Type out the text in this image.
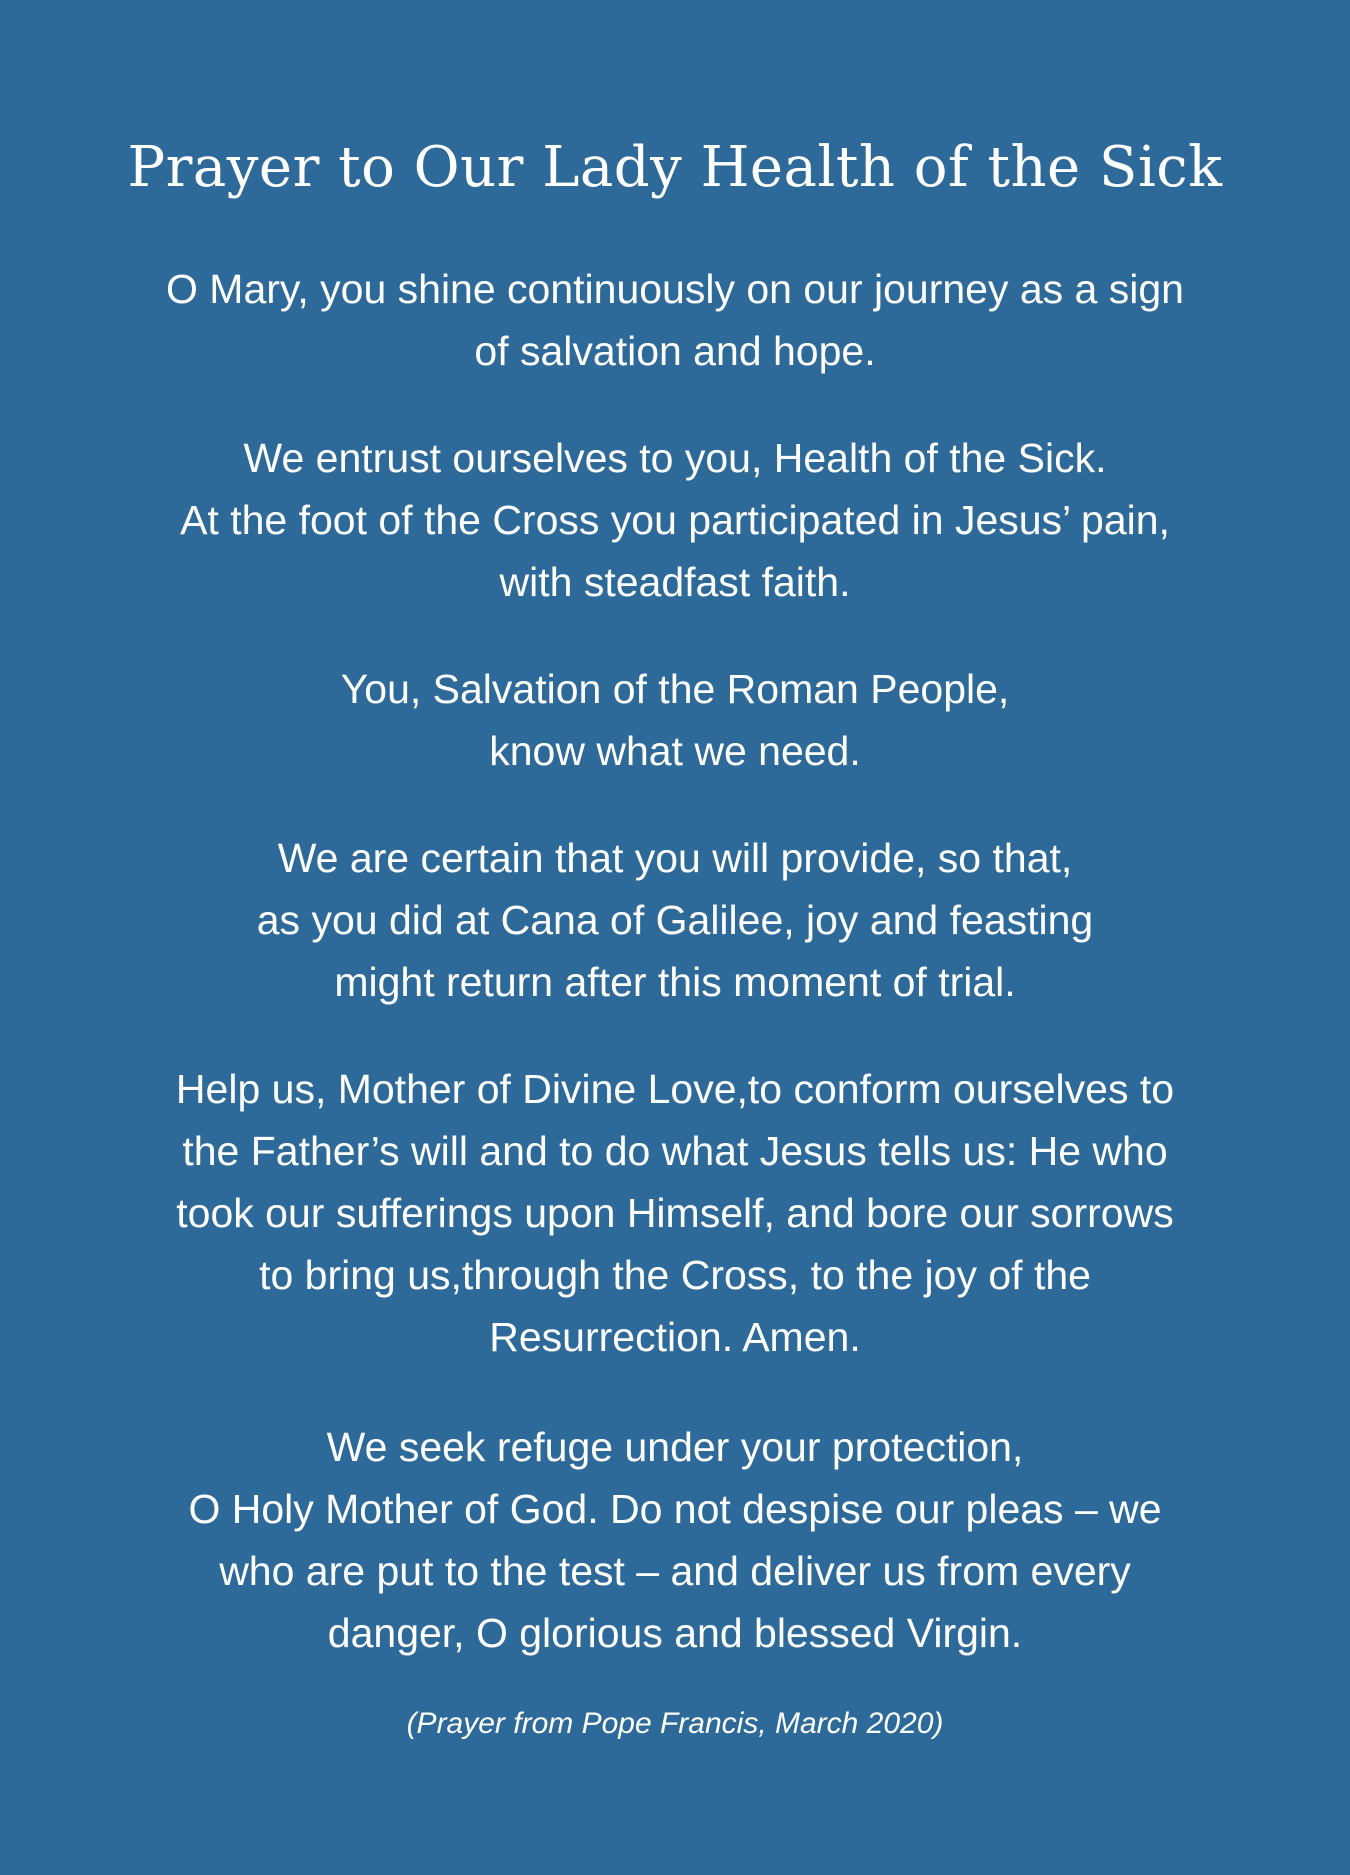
Prayer to Our Lady Health of the Sick

O Mary, you shine continuously on our journey as a sign

of salvation and hope.

We entrust ourselves to you, Health of the Sick.

At the foot of the Cross you participated in Jesus’ pain,

with steadfast faith.

You, Salvation of the Roman People,

know what we need.

We are certain that you will provide, so that,

as you did at Cana of Galilee, joy and feasting

might return after this moment of trial.

Help us, Mother of Divine Love,to conform ourselves to

the Father’s will and to do what Jesus tells us: He who

took our sufferings upon Himself, and bore our sorrows

to bring us,through the Cross, to the joy of the

Resurrection. Amen.

We seek refuge under your protection,

O Holy Mother of God. Do not despise our pleas – we

who are put to the test – and deliver us from every

danger, O glorious and blessed Virgin.

(Prayer from Pope Francis, March 2020)
